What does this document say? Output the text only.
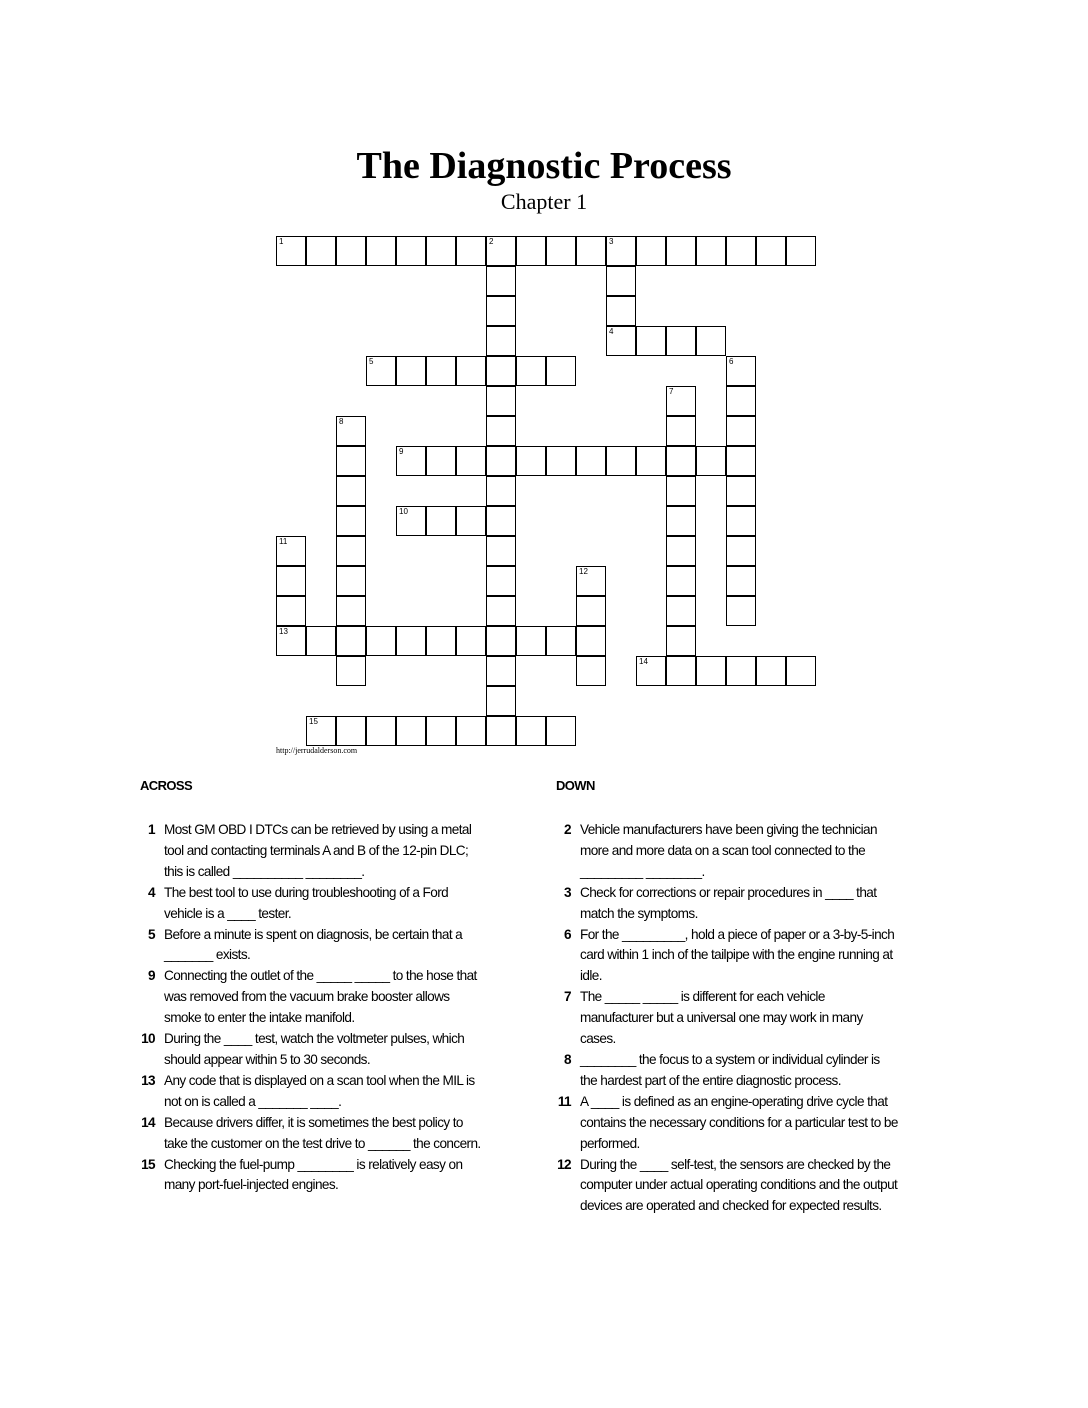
The Diagnostic Process
Chapter 1
1	2	3
4
5	6
7
8
9
10
11
13
12
14
15
http://jerrudalderson.com
ACROSS	DOWN
1 Most GM OBD I DTCs can be retrieved by using a metal tool and contacting terminals A and B of the 12-pin DLC; this is called __________ ________.
4 The best tool to use during troubleshooting of a Ford vehicle is a ____ tester.
5 Before a minute is spent on diagnosis, be certain that a _______ exists.
9 Connecting the outlet of the _____ _____ to the hose that was removed from the vacuum brake booster allows smoke to enter the intake manifold.
10 During the ____ test, watch the voltmeter pulses, which should appear within 5 to 30 seconds.
13 Any code that is displayed on a scan tool when the MIL is not on is called a _______ ____.
14 Because drivers differ, it is sometimes the best policy to take the customer on the test drive to ______ the concern.
15 Checking the fuel-pump ________ is relatively easy on many port-fuel-injected engines.
2 Vehicle manufacturers have been giving the technician more and more data on a scan tool connected to the _________ ________.
3 Check for corrections or repair procedures in ____ that match the symptoms.
6 For the _________, hold a piece of paper or a 3-by-5-inch card within 1 inch of the tailpipe with the engine running at idle.
7 The _____ _____ is different for each vehicle manufacturer but a universal one may work in many cases.
8 ________ the focus to a system or individual cylinder is the hardest part of the entire diagnostic process.
11 A ____ is defined as an engine-operating drive cycle that contains the necessary conditions for a particular test to be performed.
12 During the ____ self-test, the sensors are checked by the computer under actual operating conditions and the output devices are operated and checked for expected results.
